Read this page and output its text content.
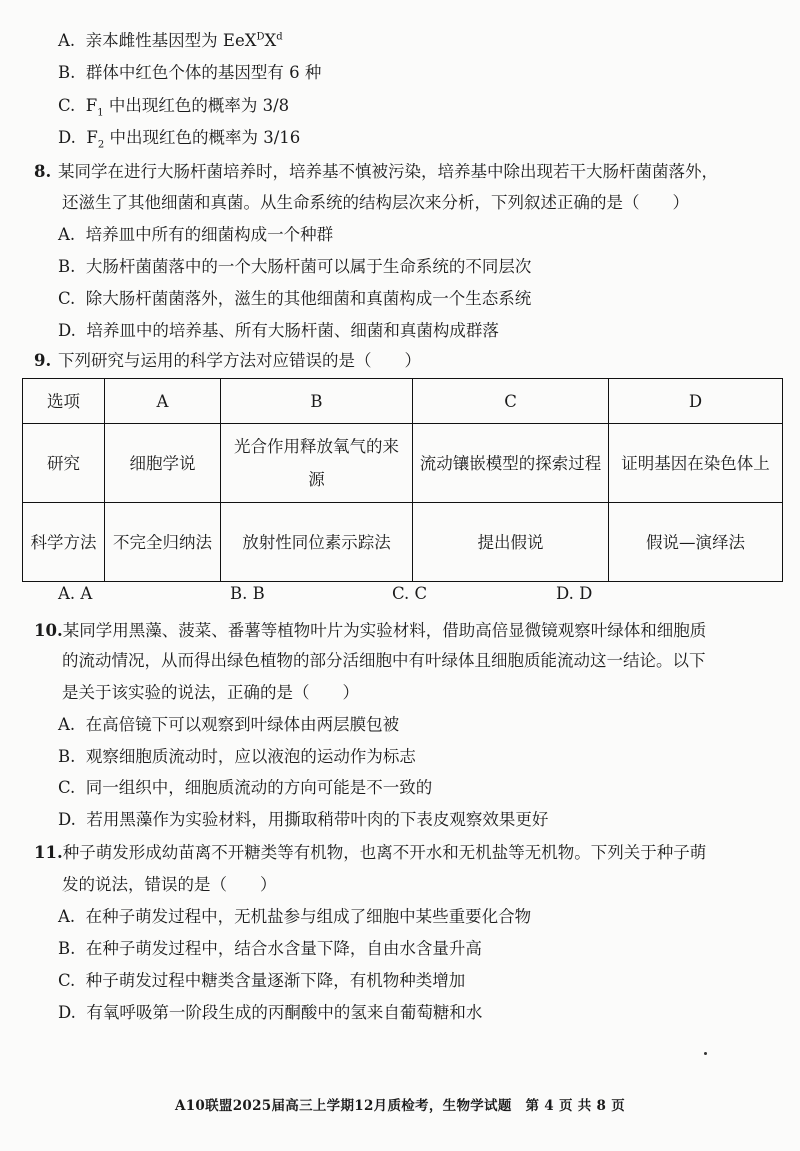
A. 亲本雌性基因型为 $EeX^DX^d$
B. 群体中红色个体的基因型有 6 种
C. $F_1$ 中出现红色的概率为 3/8
D. $F_2$ 中出现红色的概率为 3/16
8. 某同学在进行大肠杆菌培养时，培养基不慎被污染，培养基中除出现若干大肠杆菌菌落外，
还滋生了其他细菌和真菌。从生命系统的结构层次来分析，下列叙述正确的是（　　）
A. 培养皿中所有的细菌构成一个种群
B. 大肠杆菌菌落中的一个大肠杆菌可以属于生命系统的不同层次
C. 除大肠杆菌菌落外，滋生的其他细菌和真菌构成一个生态系统
D. 培养皿中的培养基、所有大肠杆菌、细菌和真菌构成群落
9. 下列研究与运用的科学方法对应错误的是（　　）
选项	A	B	C	D
研究	细胞学说	光合作用释放氧气的来源	流动镶嵌模型的探索过程	证明基因在染色体上
科学方法	不完全归纳法	放射性同位素示踪法	提出假说	假说—演绎法
A. A	B. B	C. C	D. D
10.某同学用黑藻、菠菜、番薯等植物叶片为实验材料，借助高倍显微镜观察叶绿体和细胞质
的流动情况，从而得出绿色植物的部分活细胞中有叶绿体且细胞质能流动这一结论。以下
是关于该实验的说法，正确的是（　　）
A. 在高倍镜下可以观察到叶绿体由两层膜包被
B. 观察细胞质流动时，应以液泡的运动作为标志
C. 同一组织中，细胞质流动的方向可能是不一致的
D. 若用黑藻作为实验材料，用撕取稍带叶肉的下表皮观察效果更好
11.种子萌发形成幼苗离不开糖类等有机物，也离不开水和无机盐等无机物。下列关于种子萌
发的说法，错误的是（　　）
A. 在种子萌发过程中，无机盐参与组成了细胞中某些重要化合物
B. 在种子萌发过程中，结合水含量下降，自由水含量升高
C. 种子萌发过程中糖类含量逐渐下降，有机物种类增加
D. 有氧呼吸第一阶段生成的丙酮酸中的氢来自葡萄糖和水
A10联盟2025届高三上学期12月质检考，生物学试题　第 4 页 共 8 页
